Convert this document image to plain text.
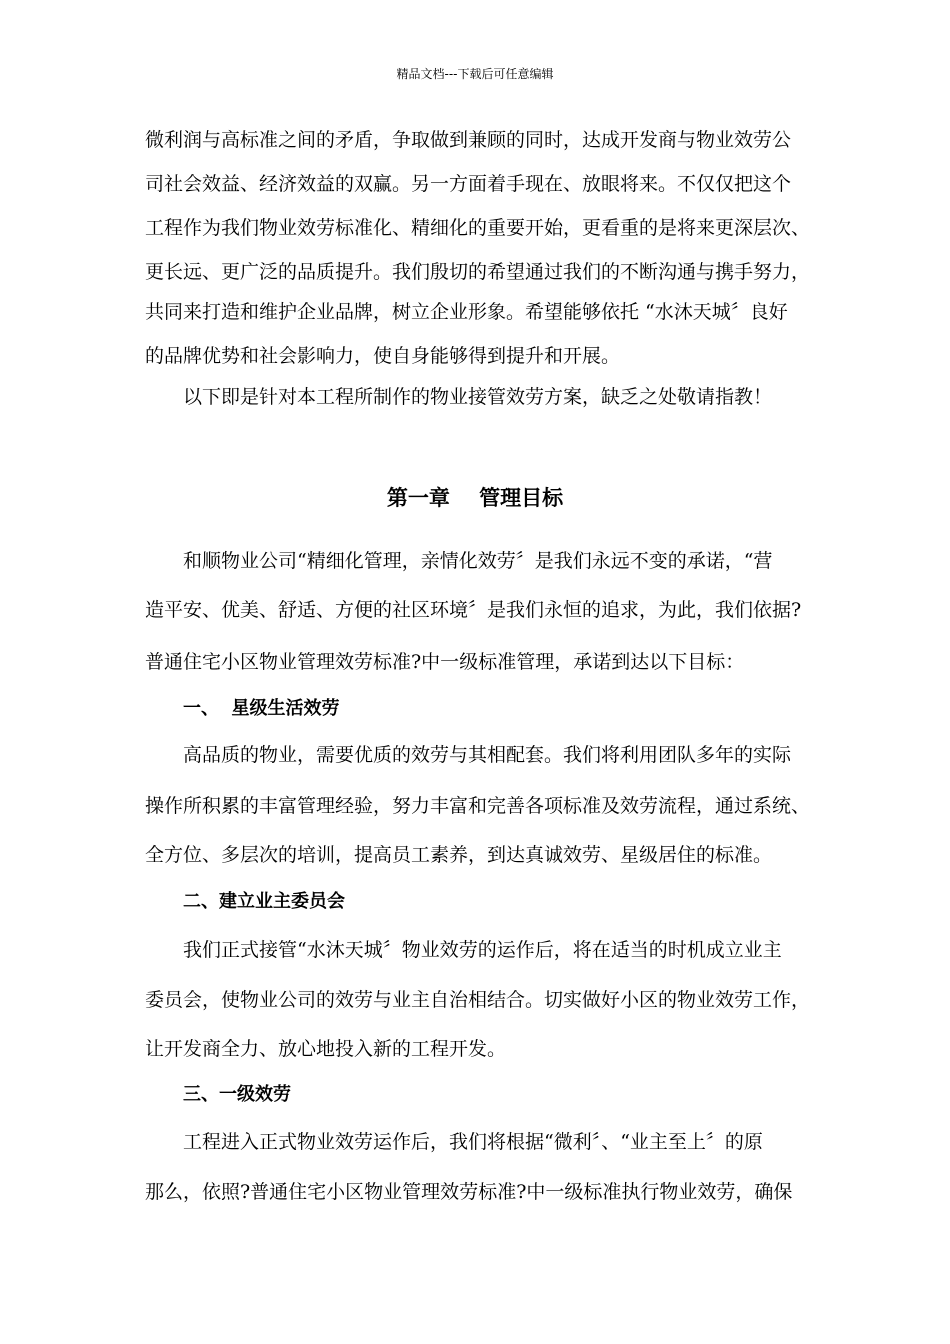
精品文档---下载后可任意编辑
微利润与高标准之间的矛盾，争取做到兼顾的同时，达成开发商与物业效劳公
司社会效益、经济效益的双赢。另一方面着手现在、放眼将来。不仅仅把这个
工程作为我们物业效劳标准化、精细化的重要开始，更看重的是将来更深层次、
更长远、更广泛的品质提升。我们殷切的希望通过我们的不断沟通与携手努力，
共同来打造和维护企业品牌，树立企业形象。希望能够依托 “水沐天城〞良好
的品牌优势和社会影响力，使自身能够得到提升和开展。
以下即是针对本工程所制作的物业接管效劳方案，缺乏之处敬请指教！
第一章    管理目标
和顺物业公司“精细化管理，亲情化效劳〞是我们永远不变的承诺，“营
造平安、优美、舒适、方便的社区环境〞是我们永恒的追求，为此，我们依据?
普通住宅小区物业管理效劳标准?中一级标准管理，承诺到达以下目标：
一、  星级生活效劳
高品质的物业，需要优质的效劳与其相配套。我们将利用团队多年的实际
操作所积累的丰富管理经验，努力丰富和完善各项标准及效劳流程，通过系统、
全方位、多层次的培训，提高员工素养，到达真诚效劳、星级居住的标准。
二、建立业主委员会
我们正式接管“水沐天城〞物业效劳的运作后，将在适当的时机成立业主
委员会，使物业公司的效劳与业主自治相结合。切实做好小区的物业效劳工作，
让开发商全力、放心地投入新的工程开发。
三、一级效劳
工程进入正式物业效劳运作后，我们将根据“微利〞、“业主至上〞的原
那么，依照?普通住宅小区物业管理效劳标准?中一级标准执行物业效劳，确保
